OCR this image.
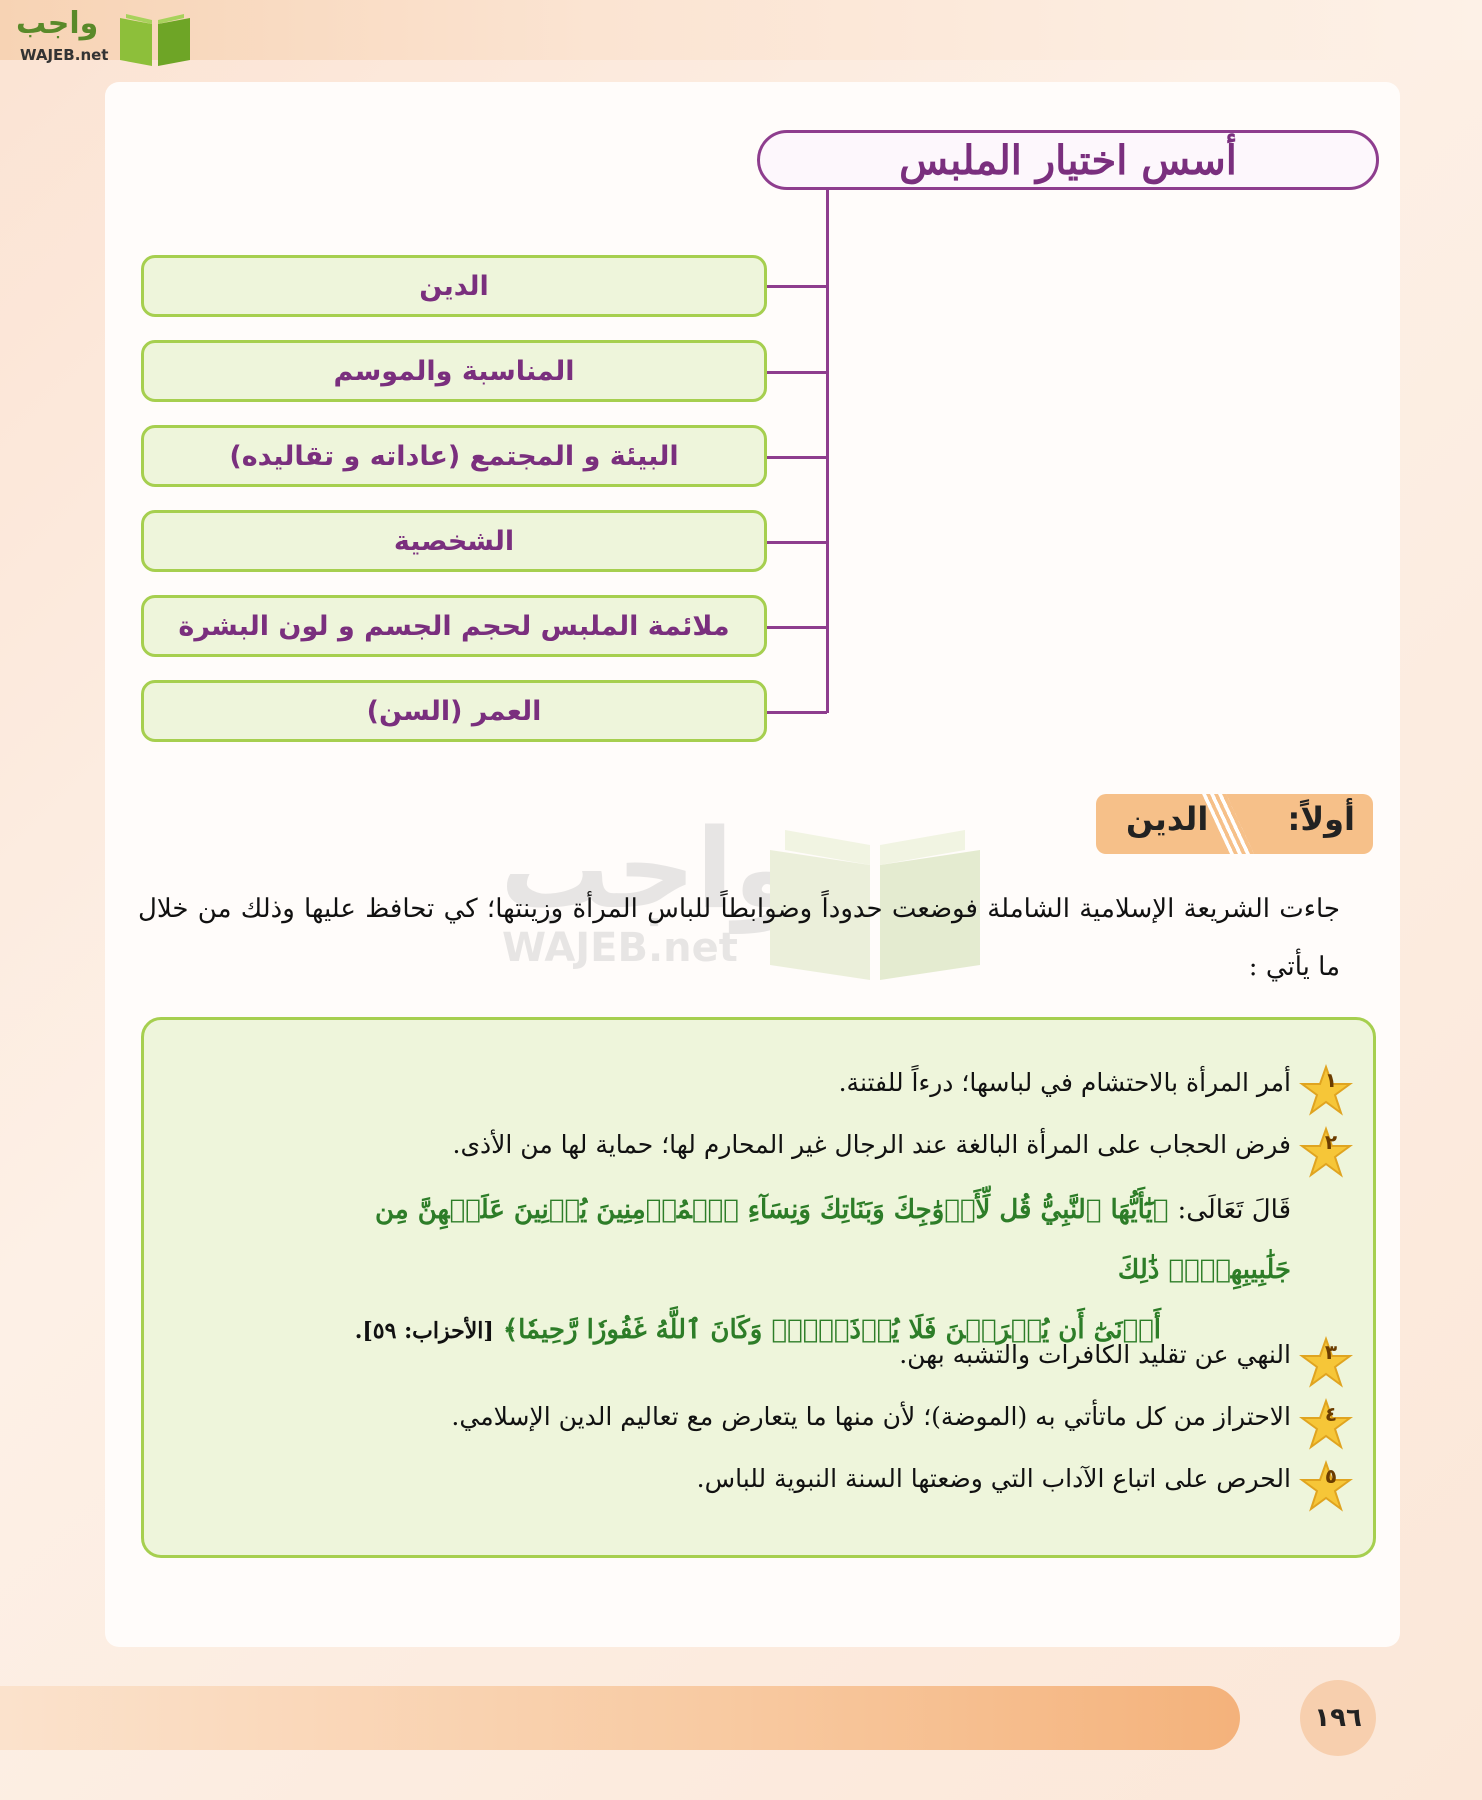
واجب
WAJEB.net
أسس اختيار الملبس
الدين
المناسبة والموسم
البيئة و المجتمع (عاداته و تقاليده)
الشخصية
ملائمة الملبس لحجم الجسم و لون البشرة
العمر (السن)
أولاً:
الدين
واجب
WAJEB.net
جاءت الشريعة الإسلامية الشاملة فوضعت حدوداً وضوابطاً للباس المرأة وزينتها؛ كي تحافظ عليها وذلك من خلال ما يأتي :
أمر المرأة بالاحتشام في لباسها؛ درءاً للفتنة.
فرض الحجاب على المرأة البالغة عند الرجال غير المحارم لها؛ حماية لها من الأذى.
قَالَ تَعَالَى: ﴿يَٰٓأَيُّهَا ٱلنَّبِيُّ قُل لِّأَزۡوَٰجِكَ وَبَنَاتِكَ وَنِسَآءِ ٱلۡمُؤۡمِنِينَ يُدۡنِينَ عَلَيۡهِنَّ مِن جَلَٰبِيبِهِنَّۚ ذَٰلِكَ
أَدۡنَىٰٓ أَن يُعۡرَفۡنَ فَلَا يُؤۡذَيۡنَۗ وَكَانَ ٱللَّهُ غَفُورٗا رَّحِيمٗا﴾ [الأحزاب: ٥٩].
النهي عن تقليد الكافرات والتشبه بهن.
الاحتراز من كل ماتأتي به (الموضة)؛ لأن منها ما يتعارض مع تعاليم الدين الإسلامي.
الحرص على اتباع الآداب التي وضعتها السنة النبوية للباس.
١
٢
٣
٤
٥
١٩٦
